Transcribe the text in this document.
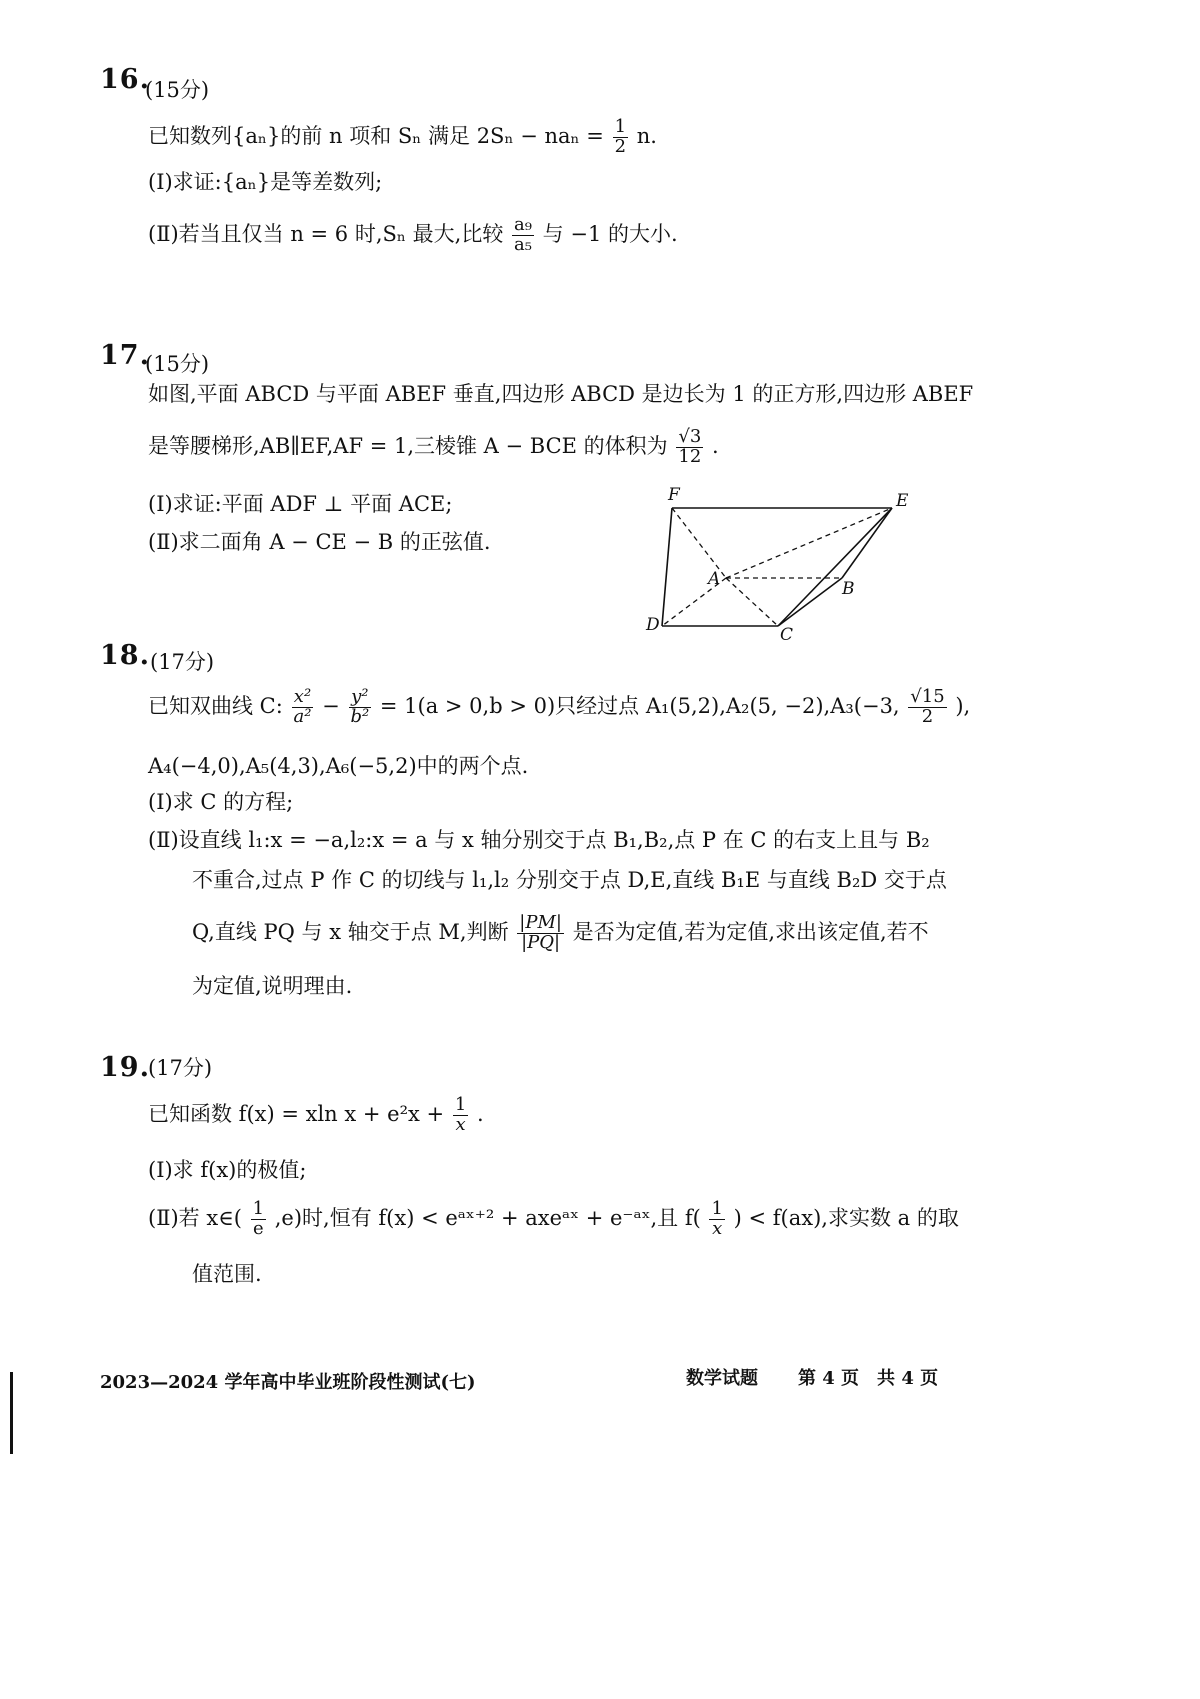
16.
(15分)
已知数列{aₙ}的前 n 项和 Sₙ 满足 $2S_n - na_n = \frac{1}{2} n$.
(Ⅰ)求证:{aₙ}是等差数列;
(Ⅱ)若当且仅当 n = 6 时,Sₙ 最大,比较 $\frac{\text{a₉}}{\text{a₅}}$ 与 −1 的大小.
17.
(15分)
如图,平面 ABCD 与平面 ABEF 垂直,四边形 ABCD 是边长为 1 的正方形,四边形 ABEF
是等腰梯形,AB∥EF,AF = 1,三棱锥 A − BCE 的体积为 $\frac{√3}{12}$ .
(Ⅰ)求证:平面 ADF ⊥ 平面 ACE;
(Ⅱ)求二面角 A − CE − B 的正弦值.
F	E
A	B
D	C
18. (17分)
已知双曲线 C: $\frac{\text{x²}}{\text{a²}} - \frac{\text{y²}}{\text{b²}} = 1(a > 0,b > 0)$只经过点 A₁(5,2),A₂(5, −2),A₃(−3, $\frac{√15}{2}$ ),
A₄(−4,0),A₅(4,3),A₆(−5,2)中的两个点.
(Ⅰ)求 C 的方程;
(Ⅱ)设直线 l₁:x = −a,l₂:x = a 与 x 轴分别交于点 B₁,B₂,点 P 在 C 的右支上且与 B₂
不重合,过点 P 作 C 的切线与 l₁,l₂ 分别交于点 D,E,直线 B₁E 与直线 B₂D 交于点
Q,直线 PQ 与 x 轴交于点 M,判断 $\frac{|PM|}{|PQ|}$ 是否为定值,若为定值,求出该定值,若不
为定值,说明理由.
19.
(17分)
已知函数 f(x) = xln $x + e^2x + \frac{1}{x}$ .
(Ⅰ)求 f(x)的极值;
(Ⅱ)若 x∈( $\frac{1}{e} ,e$)时,恒有 f(x) < eᵃˣ⁺² + axeᵃˣ + e⁻ᵃˣ,且 $f( \frac{1}{x}$ ) < f(ax),求实数 a 的取
值范围.
2023—2024 学年高中毕业班阶段性测试(七)	数学试题 第 4 页　共 4 页
